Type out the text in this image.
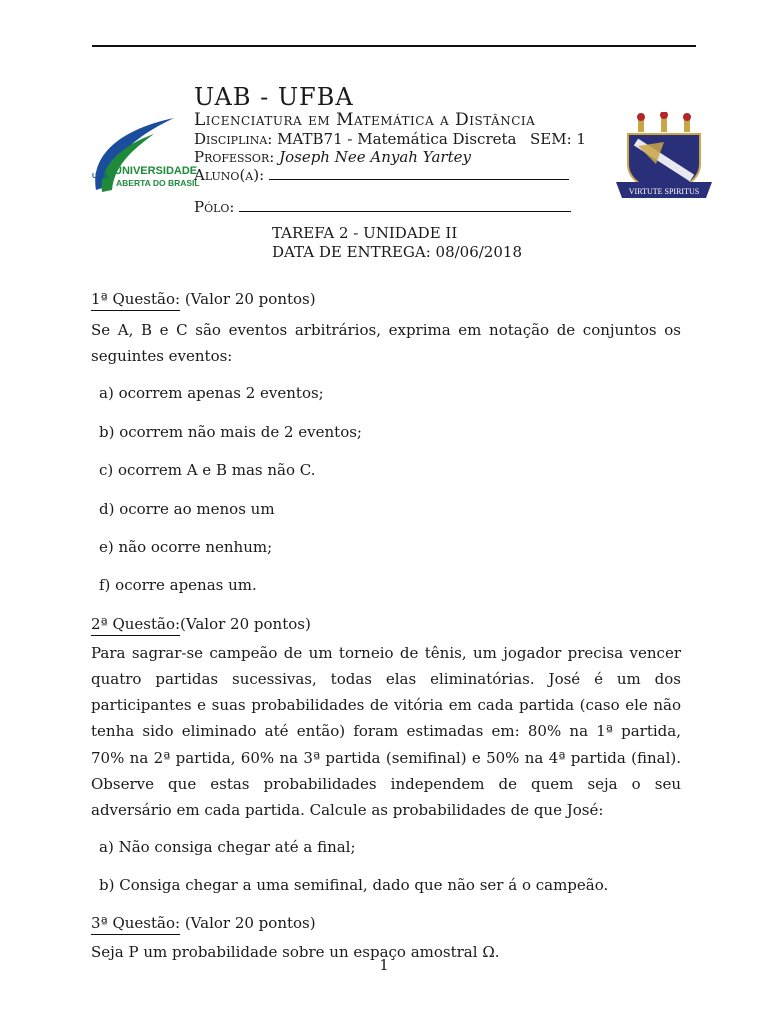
UAB UNIVERSIDADE
ABERTA DO BRASIL
VIRTUTE SPIRITUS
UAB - UFBA
Licenciatura em Matemática a Distância
Disciplina: MATB71 - Matemática Discreta SEM: 1
Professor: Joseph Nee Anyah Yartey
Aluno(a):
Pólo:
TAREFA 2 - UNIDADE II
DATA DE ENTREGA: 08/06/2018
1ª Questão: (Valor 20 pontos)
Se A, B e C são eventos arbitrários, exprima em notação de conjuntos os seguintes eventos:
a) ocorrem apenas 2 eventos;
b) ocorrem não mais de 2 eventos;
c) ocorrem A e B mas não C.
d) ocorre ao menos um
e) não ocorre nenhum;
f) ocorre apenas um.
2ª Questão:(Valor 20 pontos)
Para sagrar-se campeão de um torneio de tênis, um jogador precisa vencer quatro partidas sucessivas, todas elas eliminatórias. José é um dos participantes e suas probabilidades de vitória em cada partida (caso ele não tenha sido eliminado até então) foram estimadas em: 80% na 1ª partida, 70% na 2ª partida, 60% na 3ª partida (semifinal) e 50% na 4ª partida (final). Observe que estas probabilidades independem de quem seja o seu adversário em cada partida. Calcule as probabilidades de que José:
a) Não consiga chegar até a final;
b) Consiga chegar a uma semifinal, dado que não ser á o campeão.
3ª Questão: (Valor 20 pontos)
Seja P um probabilidade sobre un espaço amostral Ω.
1
